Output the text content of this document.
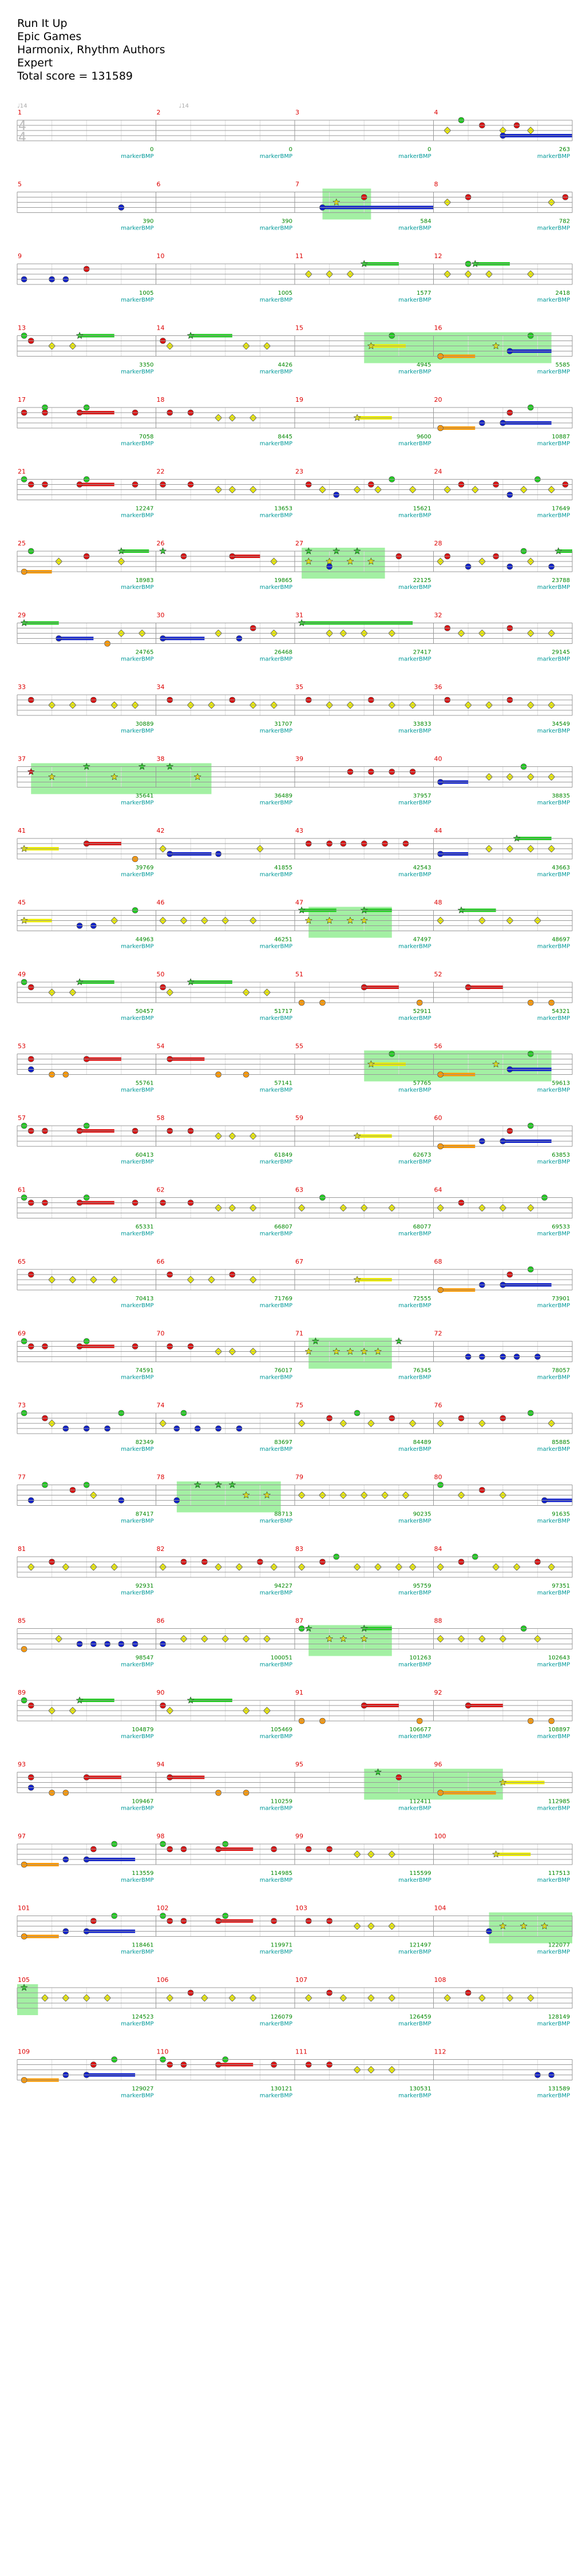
Run It Up
Epic Games
Harmonix, Rhythm Authors
Expert
Total score = 131589
♩14	♩14
1
0
markerBMP
2
0
markerBMP
3
0
markerBMP
4
263
markerBMP
4
4
5
390
markerBMP
6
390
markerBMP
7
584
markerBMP
8
782
markerBMP
9
1005
markerBMP
10
1005
markerBMP
11
1577
markerBMP
12
2418
markerBMP
13
3350
markerBMP
14
4426
markerBMP
15
4945
markerBMP
16
5585
markerBMP
17
7058
markerBMP
18
8445
markerBMP
19
9600
markerBMP
20
10887
markerBMP
21
12247
markerBMP
22
13653
markerBMP
23
15621
markerBMP
24
17649
markerBMP
25
18983
markerBMP
26
19865
markerBMP
27
22125
markerBMP
28
23788
markerBMP
29
24765
markerBMP
30
26468
markerBMP
31
27417
markerBMP
32
29145
markerBMP
33
30889
markerBMP
34
31707
markerBMP
35
33833
markerBMP
36
34549
markerBMP
37
35641
markerBMP
38
36489
markerBMP
39
37957
markerBMP
40
38835
markerBMP
41
39769
markerBMP
42
41855
markerBMP
43
42543
markerBMP
44
43663
markerBMP
45
44963
markerBMP
46
46251
markerBMP
47
47497
markerBMP
48
48697
markerBMP
49
50457
markerBMP
50
51717
markerBMP
51
52911
markerBMP
52
54321
markerBMP
53
55761
markerBMP
54
57141
markerBMP
55
57765
markerBMP
56
59613
markerBMP
57
60413
markerBMP
58
61849
markerBMP
59
62673
markerBMP
60
63853
markerBMP
61
65331
markerBMP
62
66807
markerBMP
63
68077
markerBMP
64
69533
markerBMP
65
70413
markerBMP
66
71769
markerBMP
67
72555
markerBMP
68
73901
markerBMP
69
74591
markerBMP
70
76017
markerBMP
71
76345
markerBMP
72
78057
markerBMP
73
82349
markerBMP
74
83697
markerBMP
75
84489
markerBMP
76
85885
markerBMP
77
87417
markerBMP
78
88713
markerBMP
79
90235
markerBMP
80
91635
markerBMP
81
92931
markerBMP
82
94227
markerBMP
83
95759
markerBMP
84
97351
markerBMP
85
98547
markerBMP
86
100051
markerBMP
87
101263
markerBMP
88
102643
markerBMP
89
104879
markerBMP
90
105469
markerBMP
91
106677
markerBMP
92
108897
markerBMP
93
109467
markerBMP
94
110259
markerBMP
95
112411
markerBMP
96
112985
markerBMP
97
113559
markerBMP
98
114985
markerBMP
99
115599
markerBMP
100
117513
markerBMP
101
118461
markerBMP
102
119971
markerBMP
103
121497
markerBMP
104
122077
markerBMP
105
124523
markerBMP
106
126079
markerBMP
107
126459
markerBMP
108
128149
markerBMP
109
129027
markerBMP
110
130121
markerBMP
111
130531
markerBMP
112
131589
markerBMP
